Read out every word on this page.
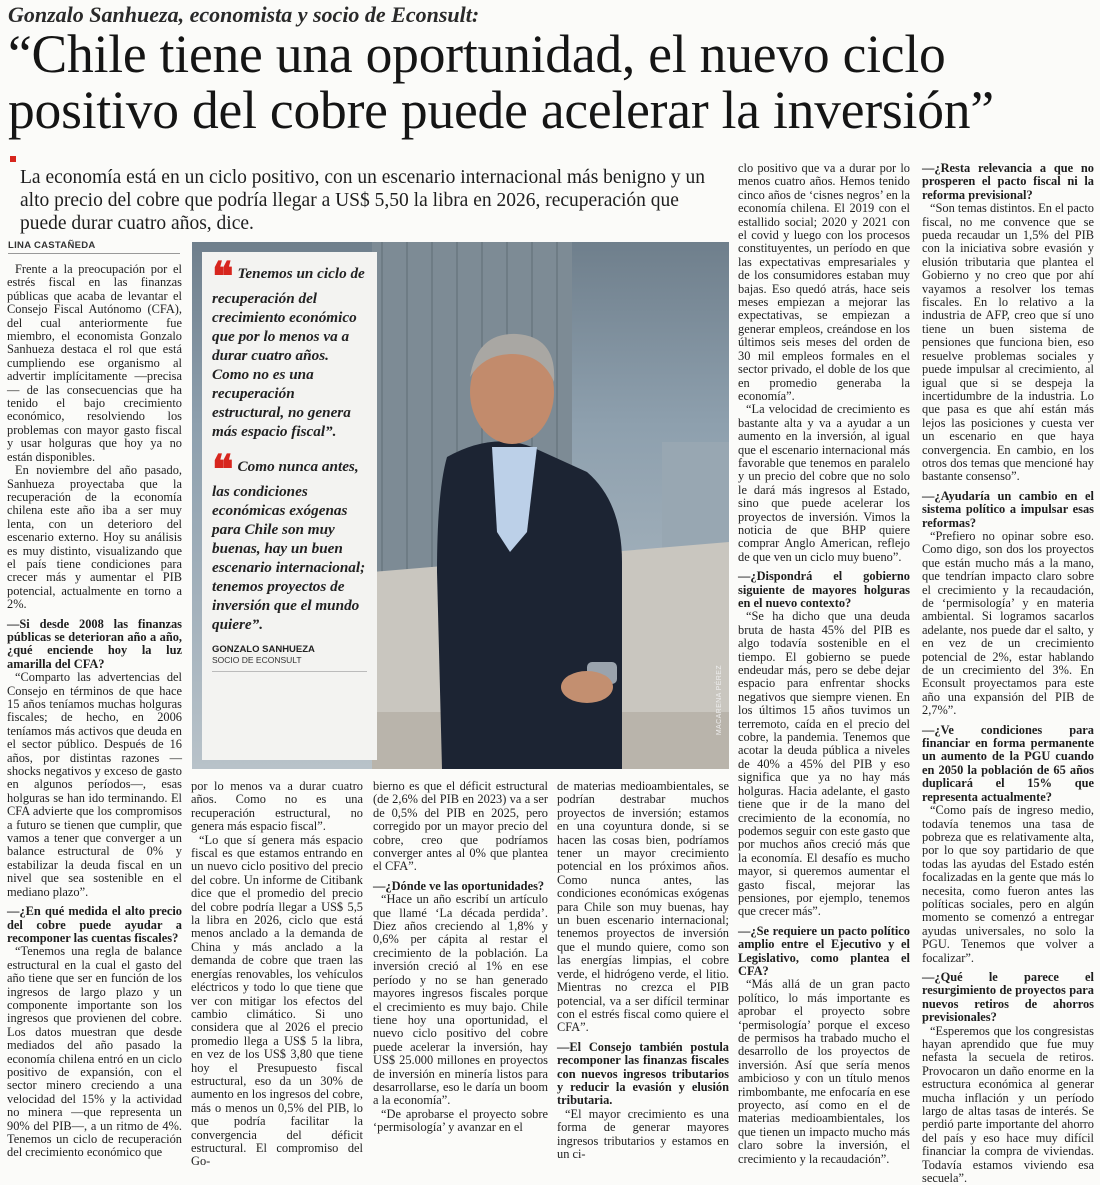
Gonzalo Sanhueza, economista y socio de Econsult:
“Chile tiene una oportunidad, el nuevo ciclo positivo del cobre puede acelerar la inversión”
La economía está en un ciclo positivo, con un escenario internacional más benigno y un alto precio del cobre que podría llegar a US$ 5,50 la libra en 2026, recuperación que puede durar cuatro años, dice.
LINA CASTAÑEDA

Frente a la preocupación por el estrés fiscal en las finanzas públicas que acaba de levantar el Consejo Fiscal Autónomo (CFA), del cual anteriormente fue miembro, el economista Gonzalo Sanhueza destaca el rol que está cumpliendo ese organismo al advertir implícitamente —precisa— de las consecuencias que ha tenido el bajo crecimiento económico, resolviendo los problemas con mayor gasto fiscal y usar holguras que hoy ya no están disponibles.

En noviembre del año pasado, Sanhueza proyectaba que la recuperación de la economía chilena este año iba a ser muy lenta, con un deterioro del escenario externo. Hoy su análisis es muy distinto, visualizando que el país tiene condiciones para crecer más y aumentar el PIB potencial, actualmente en torno a 2%.

— Si desde 2008 las finanzas públicas se deterioran año a año, ¿qué enciende hoy la luz amarilla del CFA?

“Comparto las advertencias del Consejo en términos de que hace 15 años teníamos muchas holguras fiscales; de hecho, en 2006 teníamos más activos que deuda en el sector público. Después de 16 años, por distintas razones —shocks negativos y exceso de gasto en algunos períodos—, esas holguras se han ido terminando. El CFA advierte que los compromisos a futuro se tienen que cumplir, que vamos a tener que converger a un balance estructural de 0% y estabilizar la deuda fiscal en un nivel que sea sostenible en el mediano plazo”.

— ¿En qué medida el alto precio del cobre puede ayudar a recomponer las cuentas fiscales?

“Tenemos una regla de balance estructural en la cual el gasto del año tiene que ser en función de los ingresos de largo plazo y un componente importante son los ingresos que provienen del cobre. Los datos muestran que desde mediados del año pasado la economía chilena entró en un ciclo positivo de expansión, con el sector minero creciendo a una velocidad del 15% y la actividad no minera —que representa un 90% del PIB—, a un ritmo de 4%. Tenemos un ciclo de recuperación del crecimiento económico que

❝ Tenemos un ciclo de recuperación del crecimiento económico que por lo menos va a durar cuatro años. Como no es una recuperación estructural, no genera más espacio fiscal”.
❝ Como nunca antes, las condiciones económicas exógenas para Chile son muy buenas, hay un buen escenario internacional; tenemos proyectos de inversión que el mundo quiere”.
GONZALO SANHUEZA
SOCIO DE ECONSULT
MACARENA PÉREZ

por lo menos va a durar cuatro años. Como no es una recuperación estructural, no genera más espacio fiscal”.

“Lo que sí genera más espacio fiscal es que estamos entrando en un nuevo ciclo positivo del precio del cobre. Un informe de Citibank dice que el promedio del precio del cobre podría llegar a US$ 5,5 la libra en 2026, ciclo que está menos anclado a la demanda de China y más anclado a la demanda de cobre que traen las energías renovables, los vehículos eléctricos y todo lo que tiene que ver con mitigar los efectos del cambio climático. Si uno considera que al 2026 el precio promedio llega a US$ 5 la libra, en vez de los US$ 3,80 que tiene hoy el Presupuesto fiscal estructural, eso da un 30% de aumento en los ingresos del cobre, más o menos un 0,5% del PIB, lo que podría facilitar la convergencia del déficit estructural. El compromiso del Go-

bierno es que el déficit estructural (de 2,6% del PIB en 2023) va a ser de 0,5% del PIB en 2025, pero corregido por un mayor precio del cobre, creo que podríamos converger antes al 0% que plantea el CFA”.

— ¿Dónde ve las oportunidades?

“Hace un año escribí un artículo que llamé ‘La década perdida’. Diez años creciendo al 1,8% y 0,6% per cápita al restar el crecimiento de la población. La inversión creció al 1% en ese período y no se han generado mayores ingresos fiscales porque el crecimiento es muy bajo. Chile tiene hoy una oportunidad, el nuevo ciclo positivo del cobre puede acelerar la inversión, hay US$ 25.000 millones en proyectos de inversión en minería listos para desarrollarse, eso le daría un boom a la economía”.

“De aprobarse el proyecto sobre ‘permisología’ y avanzar en el

de materias medioambientales, se podrían destrabar muchos proyectos de inversión; estamos en una coyuntura donde, si se hacen las cosas bien, podríamos tener un mayor crecimiento potencial en los próximos años. Como nunca antes, las condiciones económicas exógenas para Chile son muy buenas, hay un buen escenario internacional; tenemos proyectos de inversión que el mundo quiere, como son las energías limpias, el cobre verde, el hidrógeno verde, el litio. Mientras no crezca el PIB potencial, va a ser difícil terminar con el estrés fiscal como quiere el CFA”.

— El Consejo también postula recomponer las finanzas fiscales con nuevos ingresos tributarios y reducir la evasión y elusión tributaria.

“El mayor crecimiento es una forma de generar mayores ingresos tributarios y estamos en un ci-

clo positivo que va a durar por lo menos cuatro años. Hemos tenido cinco años de ‘cisnes negros’ en la economía chilena. El 2019 con el estallido social; 2020 y 2021 con el covid y luego con los procesos constituyentes, un período en que las expectativas empresariales y de los consumidores estaban muy bajas. Eso quedó atrás, hace seis meses empiezan a mejorar las expectativas, se empiezan a generar empleos, creándose en los últimos seis meses del orden de 30 mil empleos formales en el sector privado, el doble de los que en promedio generaba la economía”.

“La velocidad de crecimiento es bastante alta y va a ayudar a un aumento en la inversión, al igual que el escenario internacional más favorable que tenemos en paralelo y un precio del cobre que no solo le dará más ingresos al Estado, sino que puede acelerar los proyectos de inversión. Vimos la noticia de que BHP quiere comprar Anglo American, reflejo de que ven un ciclo muy bueno”.

— ¿Dispondrá el gobierno siguiente de mayores holguras en el nuevo contexto?

“Se ha dicho que una deuda bruta de hasta 45% del PIB es algo todavía sostenible en el tiempo. El gobierno se puede endeudar más, pero se debe dejar espacio para enfrentar shocks negativos que siempre vienen. En los últimos 15 años tuvimos un terremoto, caída en el precio del cobre, la pandemia. Tenemos que acotar la deuda pública a niveles de 40% a 45% del PIB y eso significa que ya no hay más holguras. Hacia adelante, el gasto tiene que ir de la mano del crecimiento de la economía, no podemos seguir con este gasto que por muchos años creció más que la economía. El desafío es mucho mayor, si queremos aumentar el gasto fiscal, mejorar las pensiones, por ejemplo, tenemos que crecer más”.

— ¿Se requiere un pacto político amplio entre el Ejecutivo y el Legislativo, como plantea el CFA?

“Más allá de un gran pacto político, lo más importante es aprobar el proyecto sobre ‘permisología’ porque el exceso de permisos ha trabado mucho el desarrollo de los proyectos de inversión. Así que sería menos ambicioso y con un título menos rimbombante, me enfocaría en ese proyecto, así como en el de materias medioambientales, los que tienen un impacto mucho más claro sobre la inversión, el crecimiento y la recaudación”.

— ¿Resta relevancia a que no prosperen el pacto fiscal ni la reforma previsional?

“Son temas distintos. En el pacto fiscal, no me convence que se pueda recaudar un 1,5% del PIB con la iniciativa sobre evasión y elusión tributaria que plantea el Gobierno y no creo que por ahí vayamos a resolver los temas fiscales. En lo relativo a la industria de AFP, creo que sí uno tiene un buen sistema de pensiones que funciona bien, eso resuelve problemas sociales y puede impulsar al crecimiento, al igual que si se despeja la incertidumbre de la industria. Lo que pasa es que ahí están más lejos las posiciones y cuesta ver un escenario en que haya convergencia. En cambio, en los otros dos temas que mencioné hay bastante consenso”.

— ¿Ayudaría un cambio en el sistema político a impulsar esas reformas?

“Prefiero no opinar sobre eso. Como digo, son dos los proyectos que están mucho más a la mano, que tendrían impacto claro sobre el crecimiento y la recaudación, de ‘permisología’ y en materia ambiental. Si logramos sacarlos adelante, nos puede dar el salto, y en vez de un crecimiento potencial de 2%, estar hablando de un crecimiento del 3%. En Econsult proyectamos para este año una expansión del PIB de 2,7%”.

— ¿Ve condiciones para financiar en forma permanente un aumento de la PGU cuando en 2050 la población de 65 años duplicará el 15% que representa actualmente?

“Como país de ingreso medio, todavía tenemos una tasa de pobreza que es relativamente alta, por lo que soy partidario de que todas las ayudas del Estado estén focalizadas en la gente que más lo necesita, como fueron antes las políticas sociales, pero en algún momento se comenzó a entregar ayudas universales, no solo la PGU. Tenemos que volver a focalizar”.

— ¿Qué le parece el resurgimiento de proyectos para nuevos retiros de ahorros previsionales?

“Esperemos que los congresistas hayan aprendido que fue muy nefasta la secuela de retiros. Provocaron un daño enorme en la estructura económica al generar mucha inflación y un período largo de altas tasas de interés. Se perdió parte importante del ahorro del país y eso hace muy difícil financiar la compra de viviendas. Todavía estamos viviendo esa secuela”.
